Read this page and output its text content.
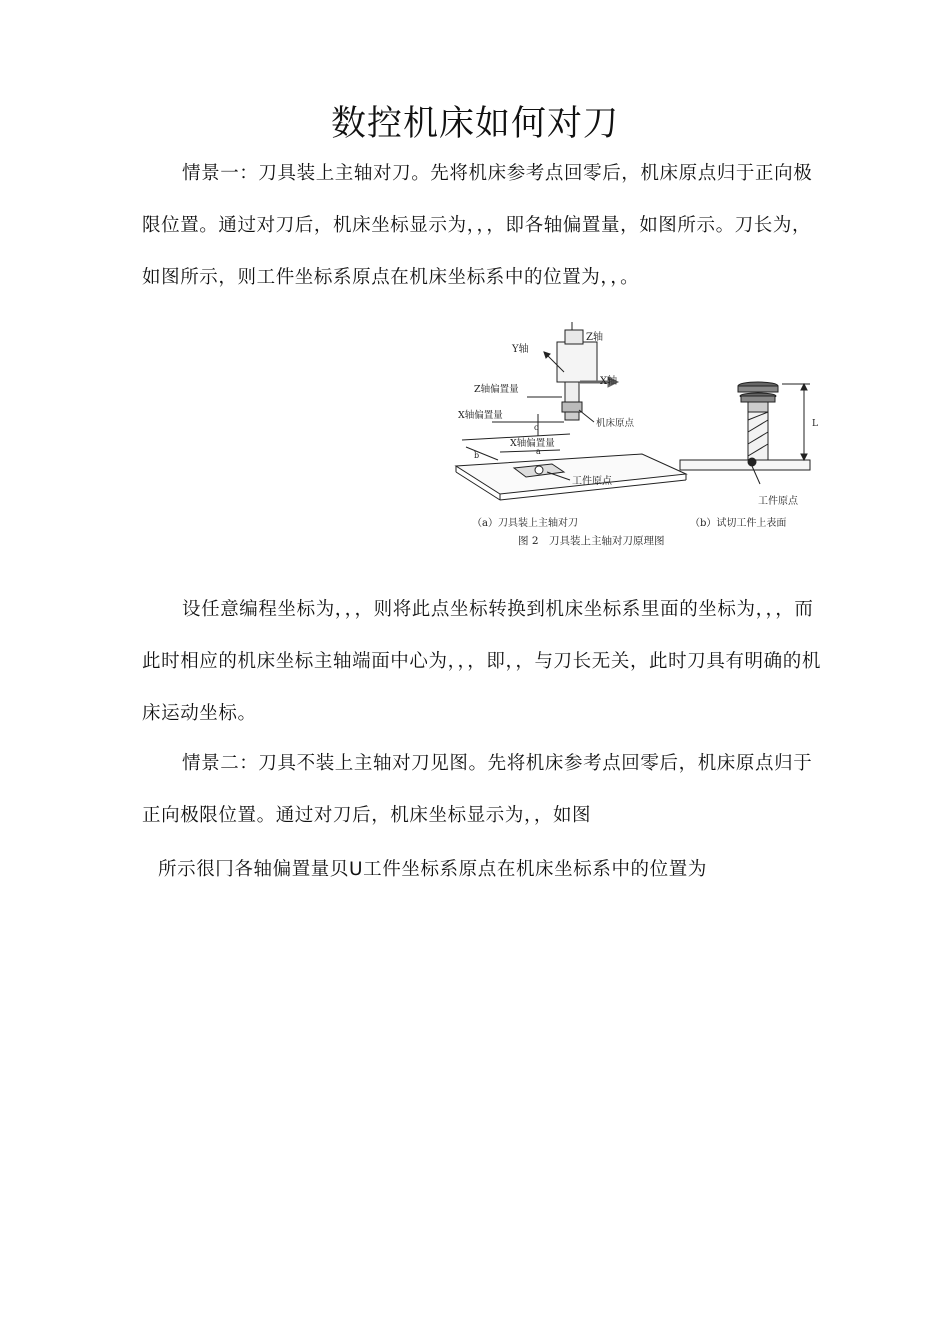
数控机床如何对刀

情景一：刀具装上主轴对刀。先将机床参考点回零后，机床原点归于正向极限位置。通过对刀后，机床坐标显示为，，，即各轴偏置量，如图所示。刀长为，如图所示，则工件坐标系原点在机床坐标系中的位置为，，。

Z轴
Y轴
X轴
Z轴偏置量
X轴偏置量
c	机床原点
X轴偏置量
a
b
工件原点
L
工件原点
（a）刀具装上主轴对刀	（b）试切工件上表面
图 2　刀具装上主轴对刀原理图

设任意编程坐标为，，，则将此点坐标转换到机床坐标系里面的坐标为，，，而此时相应的机床坐标主轴端面中心为，，，即，，与刀长无关，此时刀具有明确的机床运动坐标。

情景二：刀具不装上主轴对刀见图。先将机床参考点回零后，机床原点归于正向极限位置。通过对刀后，机床坐标显示为，，如图

所示很冂各轴偏置量贝U工件坐标系原点在机床坐标系中的位置为
